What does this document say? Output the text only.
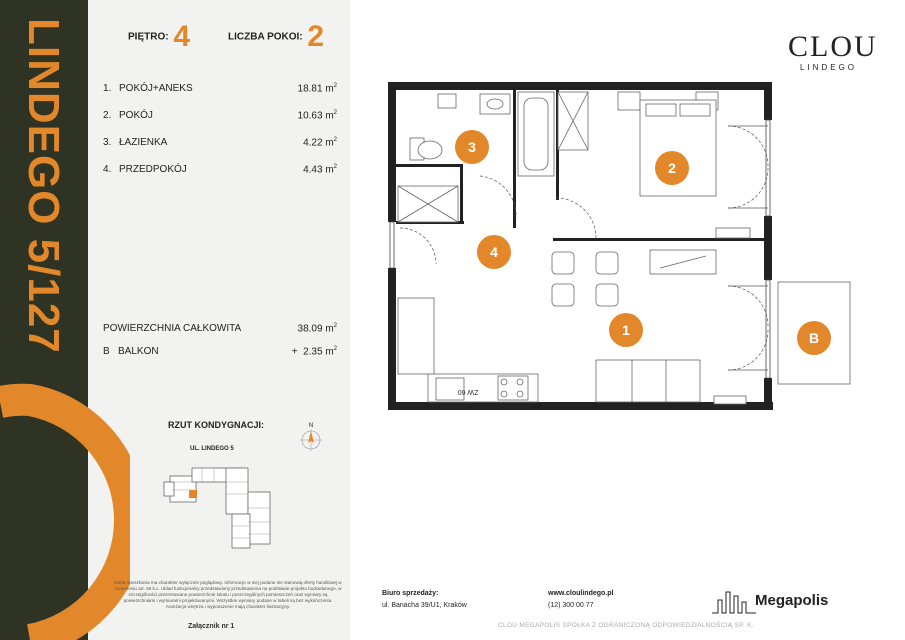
LINDEGO 5/127	PIĘTRO: 4	LICZBA POKOI: 2
1. POKÓJ+ANEKS	18.81 $m^2$
2. POKÓJ	10.63 $m^2$
3. ŁAZIENKA	4.22 $m^2$
4. PRZEDPOKÓJ	4.43 $m^2$
POWIERZCHNIA CAŁKOWITA	38.09 $m^2$
B   BALKON	+  2.35 $m^2$
RZUT KONDYGNACJI:
UL. LINDEGO 5
N
Karta mieszkania ma charakter wyłącznie poglądowy. Informacje w niej podane nie stanowią oferty handlowej w rozumieniu art. 66 k.c. Układ funkcjonalny przedstawiony przedstawiona na podstawie projektu budowlanego, w szczególności prezentowane powierzchnie lokalu i poszczególnych pomieszczeń oraz wymiary są powierzchniami i wymiarami projektowanymi. Wszystkie wymiary podane w tabeli są bez wykończenia. Aranżacja wnętrza i wyposażenie mają charakter ilustracyjny.
Załącznik nr 1
CLOU
LINDEGO
ZW 60
3
2
4
1	B
Biuro sprzedaży:
ul. Banacha 39/U1, Kraków
www.cloulindego.pl
(12) 300 00 77
CLOU MEGAPOLIS SPÓŁKA Z OGRANICZONĄ ODPOWIEDZIALNOŚCIĄ SP. K.
Megapolis
